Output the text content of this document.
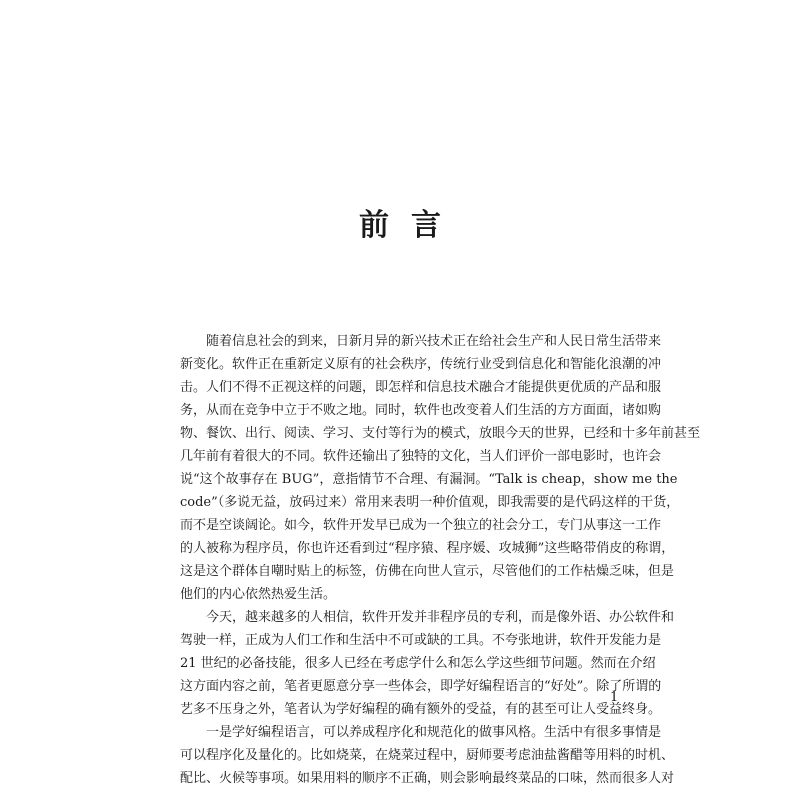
前 言
随着信息社会的到来，日新月异的新兴技术正在给社会生产和人民日常生活带来
新变化。软件正在重新定义原有的社会秩序，传统行业受到信息化和智能化浪潮的冲
击。人们不得不正视这样的问题，即怎样和信息技术融合才能提供更优质的产品和服
务，从而在竞争中立于不败之地。同时，软件也改变着人们生活的方方面面，诸如购
物、餐饮、出行、阅读、学习、支付等行为的模式，放眼今天的世界，已经和十多年前甚至
几年前有着很大的不同。软件还输出了独特的文化，当人们评价一部电影时，也许会
说“这个故事存在 BUG”，意指情节不合理、有漏洞。“Talk is cheap，show me the
code”（多说无益，放码过来）常用来表明一种价值观，即我需要的是代码这样的干货，
而不是空谈阔论。如今，软件开发早已成为一个独立的社会分工，专门从事这一工作
的人被称为程序员，你也许还看到过“程序猿、程序媛、攻城狮”这些略带俏皮的称谓，
这是这个群体自嘲时贴上的标签，仿佛在向世人宣示，尽管他们的工作枯燥乏味，但是
他们的内心依然热爱生活。
今天，越来越多的人相信，软件开发并非程序员的专利，而是像外语、办公软件和
驾驶一样，正成为人们工作和生活中不可或缺的工具。不夸张地讲，软件开发能力是
21 世纪的必备技能，很多人已经在考虑学什么和怎么学这些细节问题。然而在介绍
这方面内容之前，笔者更愿意分享一些体会，即学好编程语言的“好处”。除了所谓的
艺多不压身之外，笔者认为学好编程的确有额外的受益，有的甚至可让人受益终身。
一是学好编程语言，可以养成程序化和规范化的做事风格。生活中有很多事情是
可以程序化及量化的。比如烧菜，在烧菜过程中，厨师要考虑油盐酱醋等用料的时机、
配比、火候等事项。如果用料的顺序不正确，则会影响最终菜品的口味，然而很多人对
1
